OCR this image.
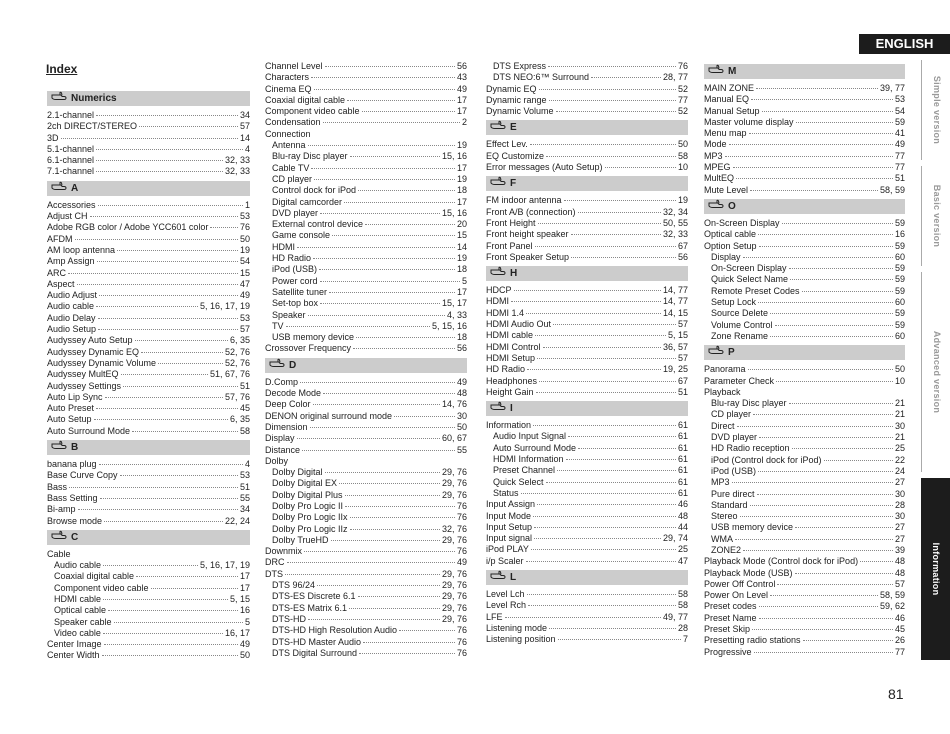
ENGLISH
Simple version
Basic version
Advanced version
Information
Index
Numerics
2.1-channel	34
2ch DIRECT/STEREO	57
3D	14
5.1-channel	4
6.1-channel	32, 33
7.1-channel	32, 33
A
Accessories	1
Adjust CH	53
Adobe RGB color / Adobe YCC601 color	76
AFDM	50
AM loop antenna	19
Amp Assign	54
ARC	15
Aspect	47
Audio Adjust	49
Audio cable	5, 16, 17, 19
Audio Delay	53
Audio Setup	57
Audyssey Auto Setup	6, 35
Audyssey Dynamic EQ	52, 76
Audyssey Dynamic Volume	52, 76
Audyssey MultEQ	51, 67, 76
Audyssey Settings	51
Auto Lip Sync	57, 76
Auto Preset	45
Auto Setup	6, 35
Auto Surround Mode	58
B
banana plug	4
Base Curve Copy	53
Bass	51
Bass Setting	55
Bi-amp	34
Browse mode	22, 24
C
Cable
Audio cable	5, 16, 17, 19
Coaxial digital cable	17
Component video cable	17
HDMI cable	5, 15
Optical cable	16
Speaker cable	5
Video cable	16, 17
Center Image	49
Center Width	50
Channel Level	56
Characters	43
Cinema EQ	49
Coaxial digital cable	17
Component video cable	17
Condensation	2
Connection
Antenna	19
Blu-ray Disc player	15, 16
Cable TV	17
CD player	19
Control dock for iPod	18
Digital camcorder	17
DVD player	15, 16
External control device	20
Game console	15
HDMI	14
HD Radio	19
iPod (USB)	18
Power cord	5
Satellite tuner	17
Set-top box	15, 17
Speaker	4, 33
TV	5, 15, 16
USB memory device	18
Crossover Frequency	56
D
D.Comp	49
Decode Mode	48
Deep Color	14, 76
DENON original surround mode	30
Dimension	50
Display	60, 67
Distance	55
Dolby
Dolby Digital	29, 76
Dolby Digital EX	29, 76
Dolby Digital Plus	29, 76
Dolby Pro Logic II	76
Dolby Pro Logic IIx	76
Dolby Pro Logic IIz	32, 76
Dolby TrueHD	29, 76
Downmix	76
DRC	49
DTS	29, 76
DTS 96/24	29, 76
DTS-ES Discrete 6.1	29, 76
DTS-ES Matrix 6.1	29, 76
DTS-HD	29, 76
DTS-HD High Resolution Audio	76
DTS-HD Master Audio	76
DTS Digital Surround	76
DTS Express	76
DTS NEO:6™ Surround	28, 77
Dynamic EQ	52
Dynamic range	77
Dynamic Volume	52
E
Effect Lev.	50
EQ Customize	58
Error messages (Auto Setup)	10
F
FM indoor antenna	19
Front A/B (connection)	32, 34
Front Height	50, 55
Front height speaker	32, 33
Front Panel	67
Front Speaker Setup	56
H
HDCP	14, 77
HDMI	14, 77
HDMI 1.4	14, 15
HDMI Audio Out	57
HDMI cable	5, 15
HDMI Control	36, 57
HDMI Setup	57
HD Radio	19, 25
Headphones	67
Height Gain	51
I
Information	61
Audio Input Signal	61
Auto Surround Mode	61
HDMI Information	61
Preset Channel	61
Quick Select	61
Status	61
Input Assign	46
Input Mode	48
Input Setup	44
Input signal	29, 74
iPod PLAY	25
i/p Scaler	47
L
Level Lch	58
Level Rch	58
LFE	49, 77
Listening mode	28
Listening position	7
M
MAIN ZONE	39, 77
Manual EQ	53
Manual Setup	54
Master volume display	59
Menu map	41
Mode	49
MP3	77
MPEG	77
MultEQ	51
Mute Level	58, 59
O
On-Screen Display	59
Optical cable	16
Option Setup	59
Display	60
On-Screen Display	59
Quick Select Name	59
Remote Preset Codes	59
Setup Lock	60
Source Delete	59
Volume Control	59
Zone Rename	60
P
Panorama	50
Parameter Check	10
Playback
Blu-ray Disc player	21
CD player	21
Direct	30
DVD player	21
HD Radio reception	25
iPod (Control dock for iPod)	22
iPod (USB)	24
MP3	27
Pure direct	30
Standard	28
Stereo	30
USB memory device	27
WMA	27
ZONE2	39
Playback Mode (Control dock for iPod)	48
Playback Mode (USB)	48
Power Off Control	57
Power On Level	58, 59
Preset codes	59, 62
Preset Name	46
Preset Skip	45
Presetting radio stations	26
Progressive	77
81
